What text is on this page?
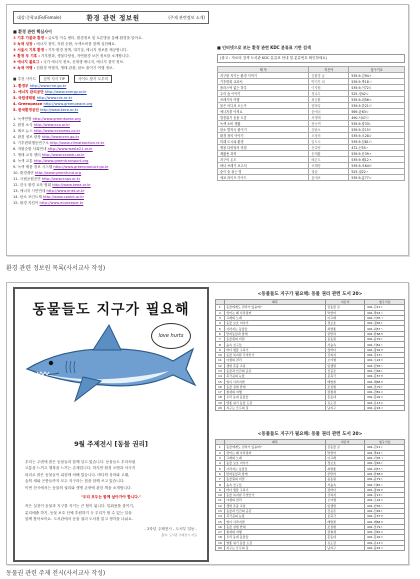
대상:중학교(Fe/Female)	환경 관련 정보원	(주제 관련정보 소개)
■ 환경 관련 핵심사이
① 기후 가뭄과 환경 : 글로벌 이슈 센터, 환경정보 및 토론방을 통해 환경을 알아요.
② 녹색 성장 : 에너지 절약, 자원 순환, 녹색소비를 함께 실천해요.
③ 서울시 기후 환경 : 기후·환경 정책, 대기질, 에너지 정보를 제공합니다.
④ 환경 부 기후 : 기후변화, 생물다양성, 자연환경 보전 정보를 소개합니다.
⑤ 에너지 블로그 : 국가 에너지 정보, 신재생 에너지, 에너지 절약 정보.
⑥ 녹색 여행 : 친환경 여행지, 생태 관광, 탄소 줄이기 여행 정보.
■ 추천 사이트 검색 지식 TIP	사이트 찾기 도우미
1. 환경부 http://www.me.go.kr
2. 에너지 관리공단 http://www.energy.or.kr
3. 국립생태원 http://www.nie.re.kr
4. Greenpeace http://www.greenpeace.org
5. 한국환경공단 http://www.keco.or.kr
1. 녹색연합 http://www.greenkorea.org
2. 환경 소식 http://www.eco.or.kr
3. 에코 뉴스 http://www.econews.co.kr
4. 환경 정보 광장 http://www.env.go.kr
5. 기후변화행동연구소 http://www.climateaction.re.kr
6. 자원순환 사회연대 http://www.waste21.or.kr
7. 생태 교육 센터 http://www.ecoedu.or.kr
8. 녹색 교통 http://www.greentransport.org
9. 녹색 제품 정보 시스템 http://www.greenproduct.go.kr
10. 환경재단 http://www.greenfund.org
11. 국립공원공단 http://www.knps.or.kr
12. 한국 환경 교육 협회 http://www.keea.or.kr
13. 에너지 시민연대 http://www.enet.or.kr
14. 탄소 포인트제 http://www.cpoint.or.kr
15. 환경 지킴이 http://www.ecokeeper.kr
■ 인터넷으로 보는 환경 관련 KDC 분류표 기반 검색
(참고 : 자료의 검색 도서관 KDC 분류표 안내 및 분류번호 확인하세요)
제 목	지은이	청구기호
지구를 지키는 환경 이야기	김환경 글	539.9-김94ㅈ
기후변화 교과서	박기후 외	539.9-박18ㄱ
플라스틱 없는 하루	이자원	539.9-이72ㅍ
우리 숲 이야기	정나무	525-정42ㅇ
쓰레기의 여행	최순환	539.9-최56ㅆ
물은 어디서 오는가	한바다	539.9-한21ㅁ
에너지를 아껴요	윤에너	569-윤63ㅇ
멸종위기 동물 도감	서생태	490-서47ㅁ
녹색 소비 생활	장녹색	539.9-장33ㄴ
탄소 발자국 줄이기	강탄소	539.9-강15ㅌ
환경 정의 이야기	오정의	539.9-오28ㅎ
미래 도시와 환경	임도시	539.9-임81ㅁ
생물 다양성의 비밀	신다양	472-신55ㅅ
재활용 과학	문재활	539.9-문39ㅈ
지구의 온도	배온도	539.9-배12ㅈ
바다 쓰레기 보고서	조해양	539.9-조64ㅂ
숲이 숨 쉬는 법	권숲	525-권22ㅅ
에코 라이프 가이드	홍에코	539.9-홍77ㅇ
환경 관련 정보원 목록(사서교사 작성)
동물들도 지구가 필요해
love hurts
9월 주제전시 [동물 권리]
우리는 주변에 많은 동물들과 함께 살고 있습니다. 동물들도 우리처럼
고통을 느끼고 행복을 느끼는 존재입니다. 하지만 환경 오염과 서식지
파괴로 많은 동물들이 위험에 처해 있습니다. 바다의 상어와 고래,
숲의 새와 곤충들까지 모두 지구라는 집을 함께 쓰고 있습니다.
이번 전시에서는 동물의 권리와 생명 존중에 관한 책을 소개합니다.
"우리 모두는 함께 살아가야 합니다."
작은 실천이 동물과 지구를 지키는 큰 힘이 됩니다. 일회용품 줄이기,
분리배출 하기, 동물 보호 단체 후원하기 등 우리가 할 수 있는 일을
함께 찾아보아요. 도서관에서 동물 권리 도서를 읽고 생각을 나눠요.
- 2학년 주제전시 - 도서부 일동 -
출처: 도서관 주제전시 자료
<동물들도 지구가 필요해: 동물 권리 관련 도서 20>
	제목	지은이	청구기호
1	동물에게도 권리가 있을까?	김동물 글	491-김11ㄷ
2	상어는 왜 사라질까	박상어	491-박24ㅅ
3	고래의 노래	이고래	491-이35ㄱ
4	동물 보호 이야기	정보호	491-정46ㄷ
5	사라지는 동물들	최멸종	491-최57ㅅ
6	반려동물과 함께	한반려	491-한68ㅂ
7	동물원의 비밀	윤동원	491-윤79ㄷ
8	숲속 친구들	서숲속	491-서81ㅅ
9	바다 생물 구하기	장바다	491-장92ㅂ
10	동물 복지란 무엇인가	강복지	491-강13ㄷ
11	야생의 권리	오야생	491-오24ㅇ
12	생명 존중 교실	임생명	491-임35ㅅ
13	동물과 인간의 공존	신공존	491-신46ㄷ
14	북극곰의 눈물	문북극	491-문57ㅂ
15	벌이 사라지면	배벌꿀	491-배68ㅂ
16	동물 실험 반대	조실험	491-조79ㄷ
17	철새의 여행	권철새	491-권81ㅊ
18	우리 동네 동물들	홍동네	491-홍92ㅇ
19	멸종 위기 동물 도감	유도감	491-유13ㅁ
20	지구는 모두의 집	남지구	491-남24ㅈ
<동물들도 지구가 필요해: 동물 권리 관련 도서 20>
	제목	지은이	청구기호
1	동물에게도 권리가 있을까?	김동물 글	491-김11ㄷ
2	상어는 왜 사라질까	박상어	491-박24ㅅ
3	고래의 노래	이고래	491-이35ㄱ
4	동물 보호 이야기	정보호	491-정46ㄷ
5	사라지는 동물들	최멸종	491-최57ㅅ
6	반려동물과 함께	한반려	491-한68ㅂ
7	동물원의 비밀	윤동원	491-윤79ㄷ
8	숲속 친구들	서숲속	491-서81ㅅ
9	바다 생물 구하기	장바다	491-장92ㅂ
10	동물 복지란 무엇인가	강복지	491-강13ㄷ
11	야생의 권리	오야생	491-오24ㅇ
12	생명 존중 교실	임생명	491-임35ㅅ
13	동물과 인간의 공존	신공존	491-신46ㄷ
14	북극곰의 눈물	문북극	491-문57ㅂ
15	벌이 사라지면	배벌꿀	491-배68ㅂ
16	동물 실험 반대	조실험	491-조79ㄷ
17	철새의 여행	권철새	491-권81ㅊ
18	우리 동네 동물들	홍동네	491-홍92ㅇ
19	멸종 위기 동물 도감	유도감	491-유13ㅁ
20	지구는 모두의 집	남지구	491-남24ㅈ
동물권 관련 주제 전시(사서교사 작성)
